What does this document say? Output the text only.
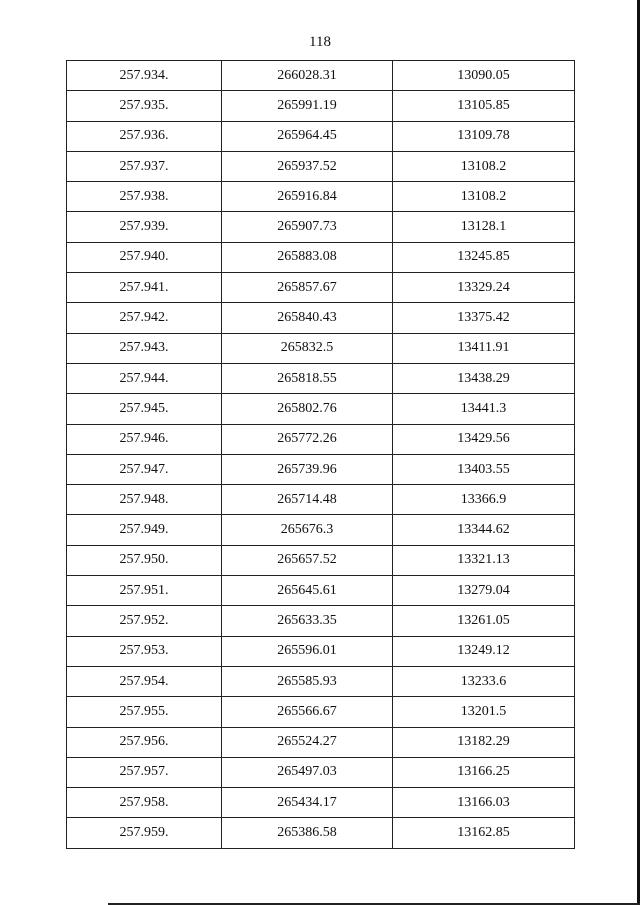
118
257.934.	266028.31	13090.05
257.935.	265991.19	13105.85
257.936.	265964.45	13109.78
257.937.	265937.52	13108.2
257.938.	265916.84	13108.2
257.939.	265907.73	13128.1
257.940.	265883.08	13245.85
257.941.	265857.67	13329.24
257.942.	265840.43	13375.42
257.943.	265832.5	13411.91
257.944.	265818.55	13438.29
257.945.	265802.76	13441.3
257.946.	265772.26	13429.56
257.947.	265739.96	13403.55
257.948.	265714.48	13366.9
257.949.	265676.3	13344.62
257.950.	265657.52	13321.13
257.951.	265645.61	13279.04
257.952.	265633.35	13261.05
257.953.	265596.01	13249.12
257.954.	265585.93	13233.6
257.955.	265566.67	13201.5
257.956.	265524.27	13182.29
257.957.	265497.03	13166.25
257.958.	265434.17	13166.03
257.959.	265386.58	13162.85
